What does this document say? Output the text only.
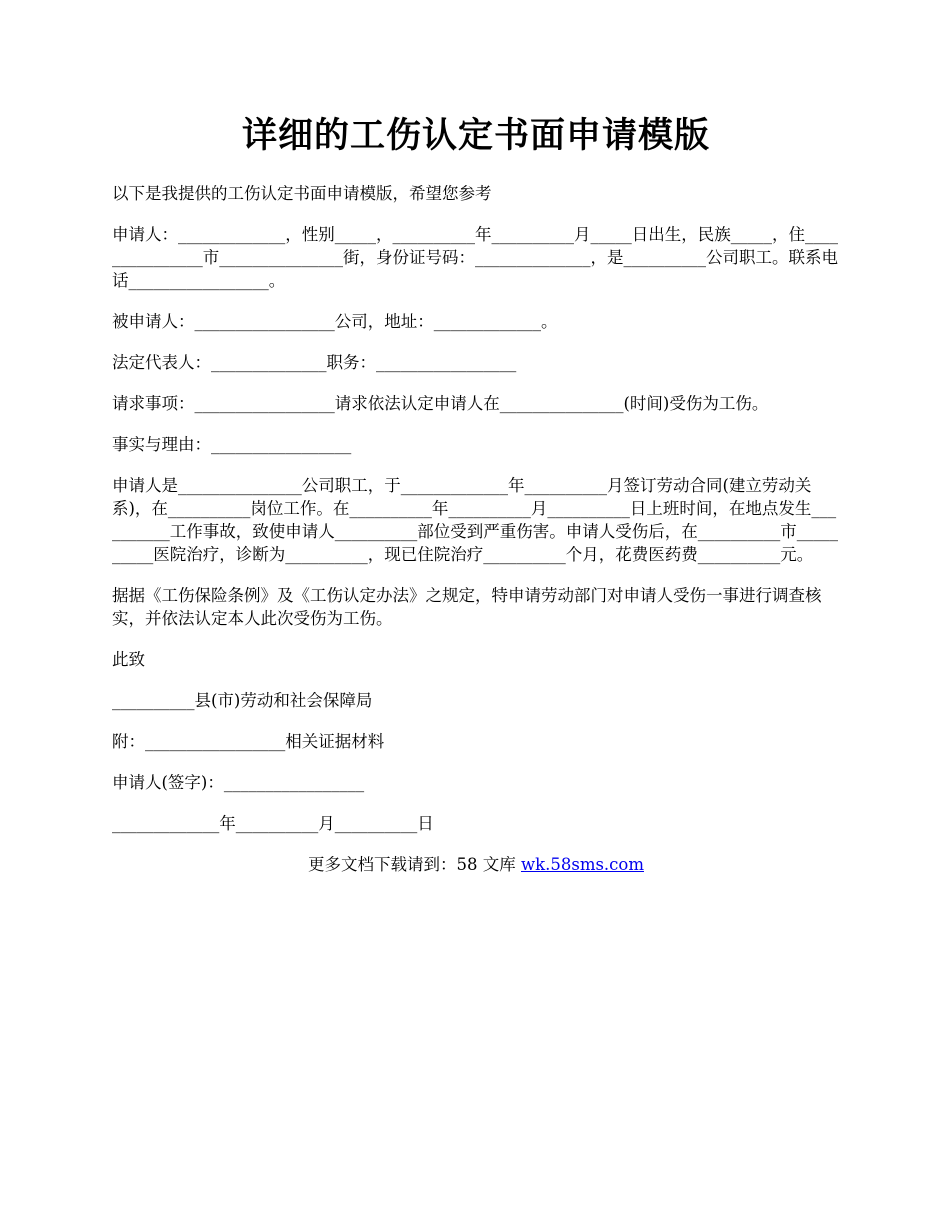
详细的工伤认定书面申请模版

以下是我提供的工伤认定书面申请模版，希望您参考

申请人：_____________，性别_____，__________年__________月_____日出生，民族_____，住_______________市_______________街，身份证号码：______________，是__________公司职工。联系电话_________________。

被申请人：_________________公司，地址：_____________。

法定代表人：______________职务：_________________

请求事项：_________________请求依法认定申请人在_______________(时间)受伤为工伤。

事实与理由：_________________

申请人是_______________公司职工，于_____________年__________月签订劳动合同(建立劳动关系)，在__________岗位工作。在__________年__________月__________日上班时间，在地点发生__________工作事故，致使申请人__________部位受到严重伤害。申请人受伤后，在__________市__________医院治疗，诊断为__________，现已住院治疗__________个月，花费医药费__________元。

据据《工伤保险条例》及《工伤认定办法》之规定，特申请劳动部门对申请人受伤一事进行调查核实，并依法认定本人此次受伤为工伤。

此致

__________县(市)劳动和社会保障局

附：_________________相关证据材料

申请人(签字)：_________________

_____________年__________月__________日

更多文档下载请到：58 文库 wk.58sms.com
